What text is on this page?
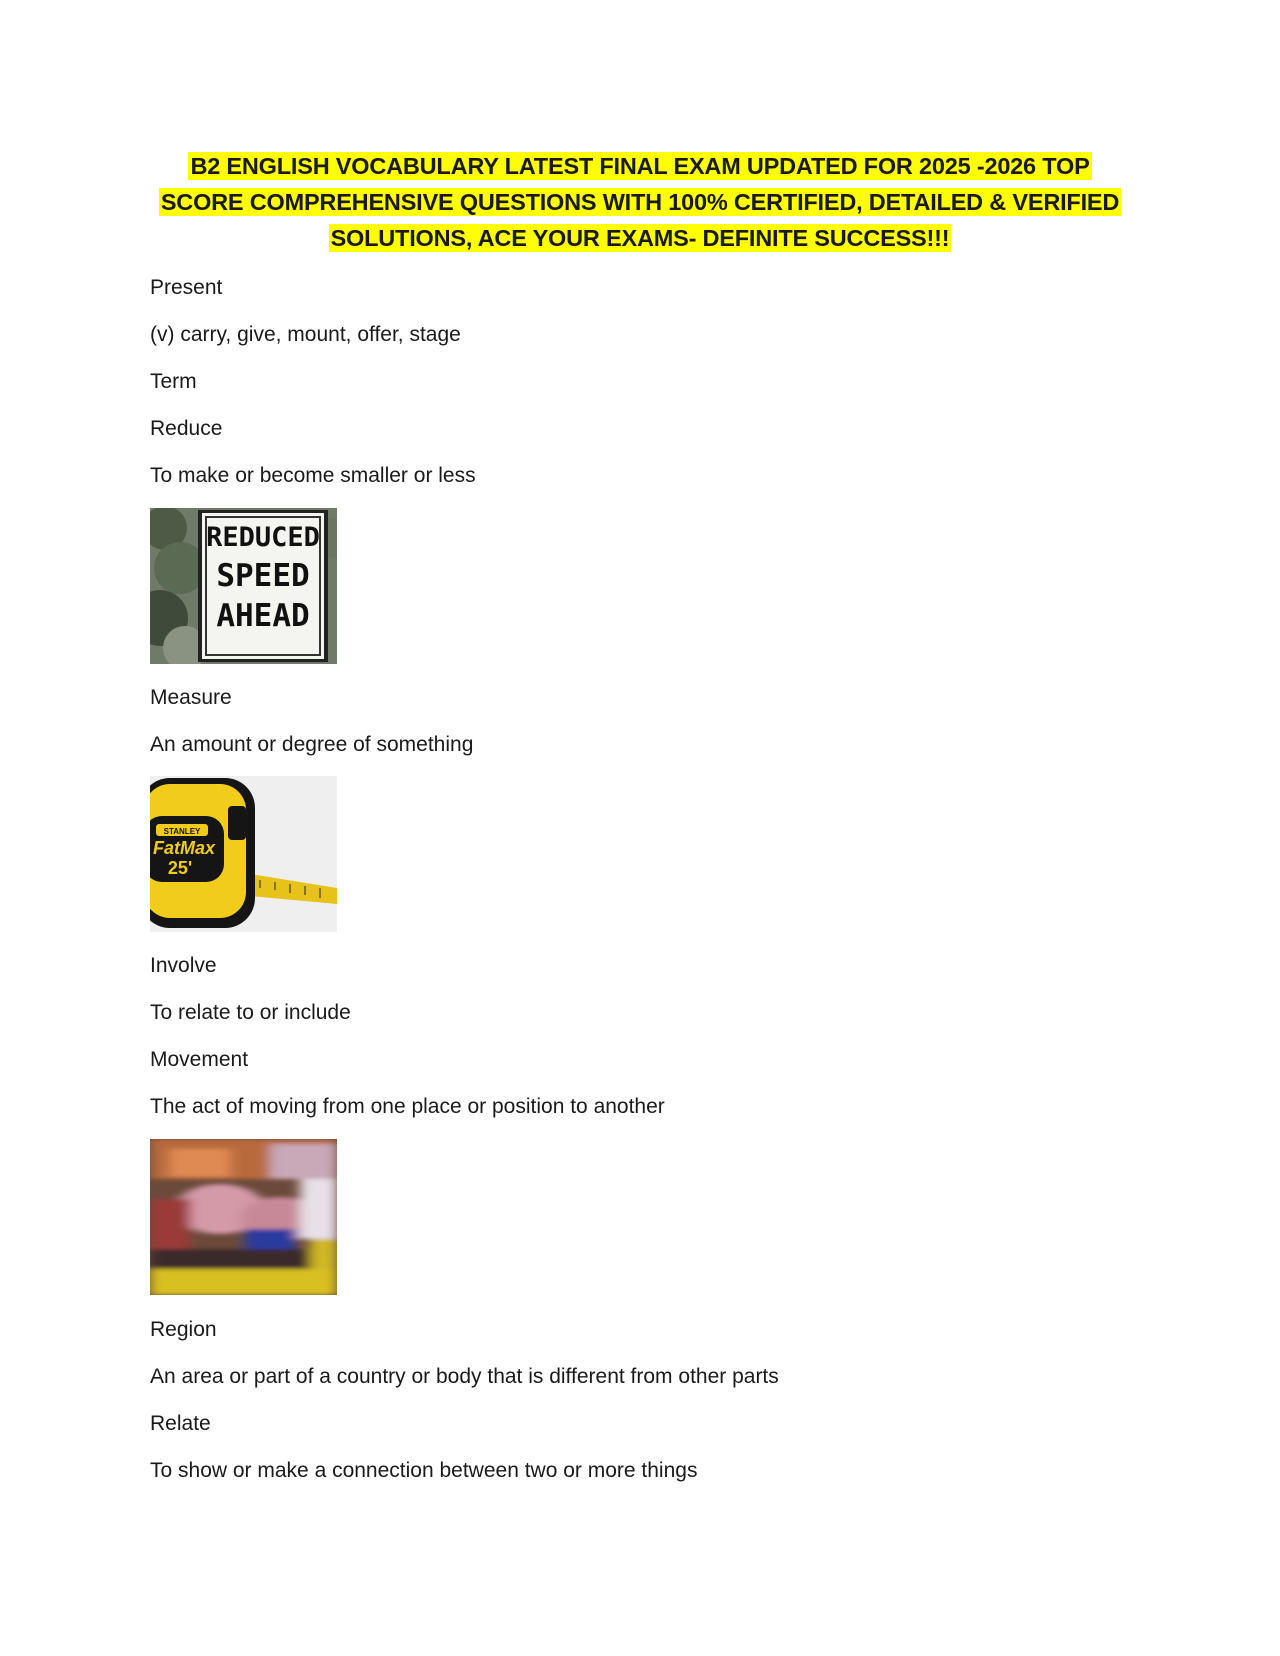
B2 ENGLISH VOCABULARY LATEST FINAL EXAM UPDATED FOR 2025 -2026 TOP SCORE COMPREHENSIVE QUESTIONS WITH 100% CERTIFIED, DETAILED & VERIFIED SOLUTIONS, ACE YOUR EXAMS- DEFINITE SUCCESS!!!
Present
(v) carry, give, mount, offer, stage
Term
Reduce
To make or become smaller or less
REDUCED
SPEED
AHEAD
Measure
An amount or degree of something
STANLEY
FatMax
25'
Involve
To relate to or include
Movement
The act of moving from one place or position to another
Region
An area or part of a country or body that is different from other parts
Relate
To show or make a connection between two or more things
